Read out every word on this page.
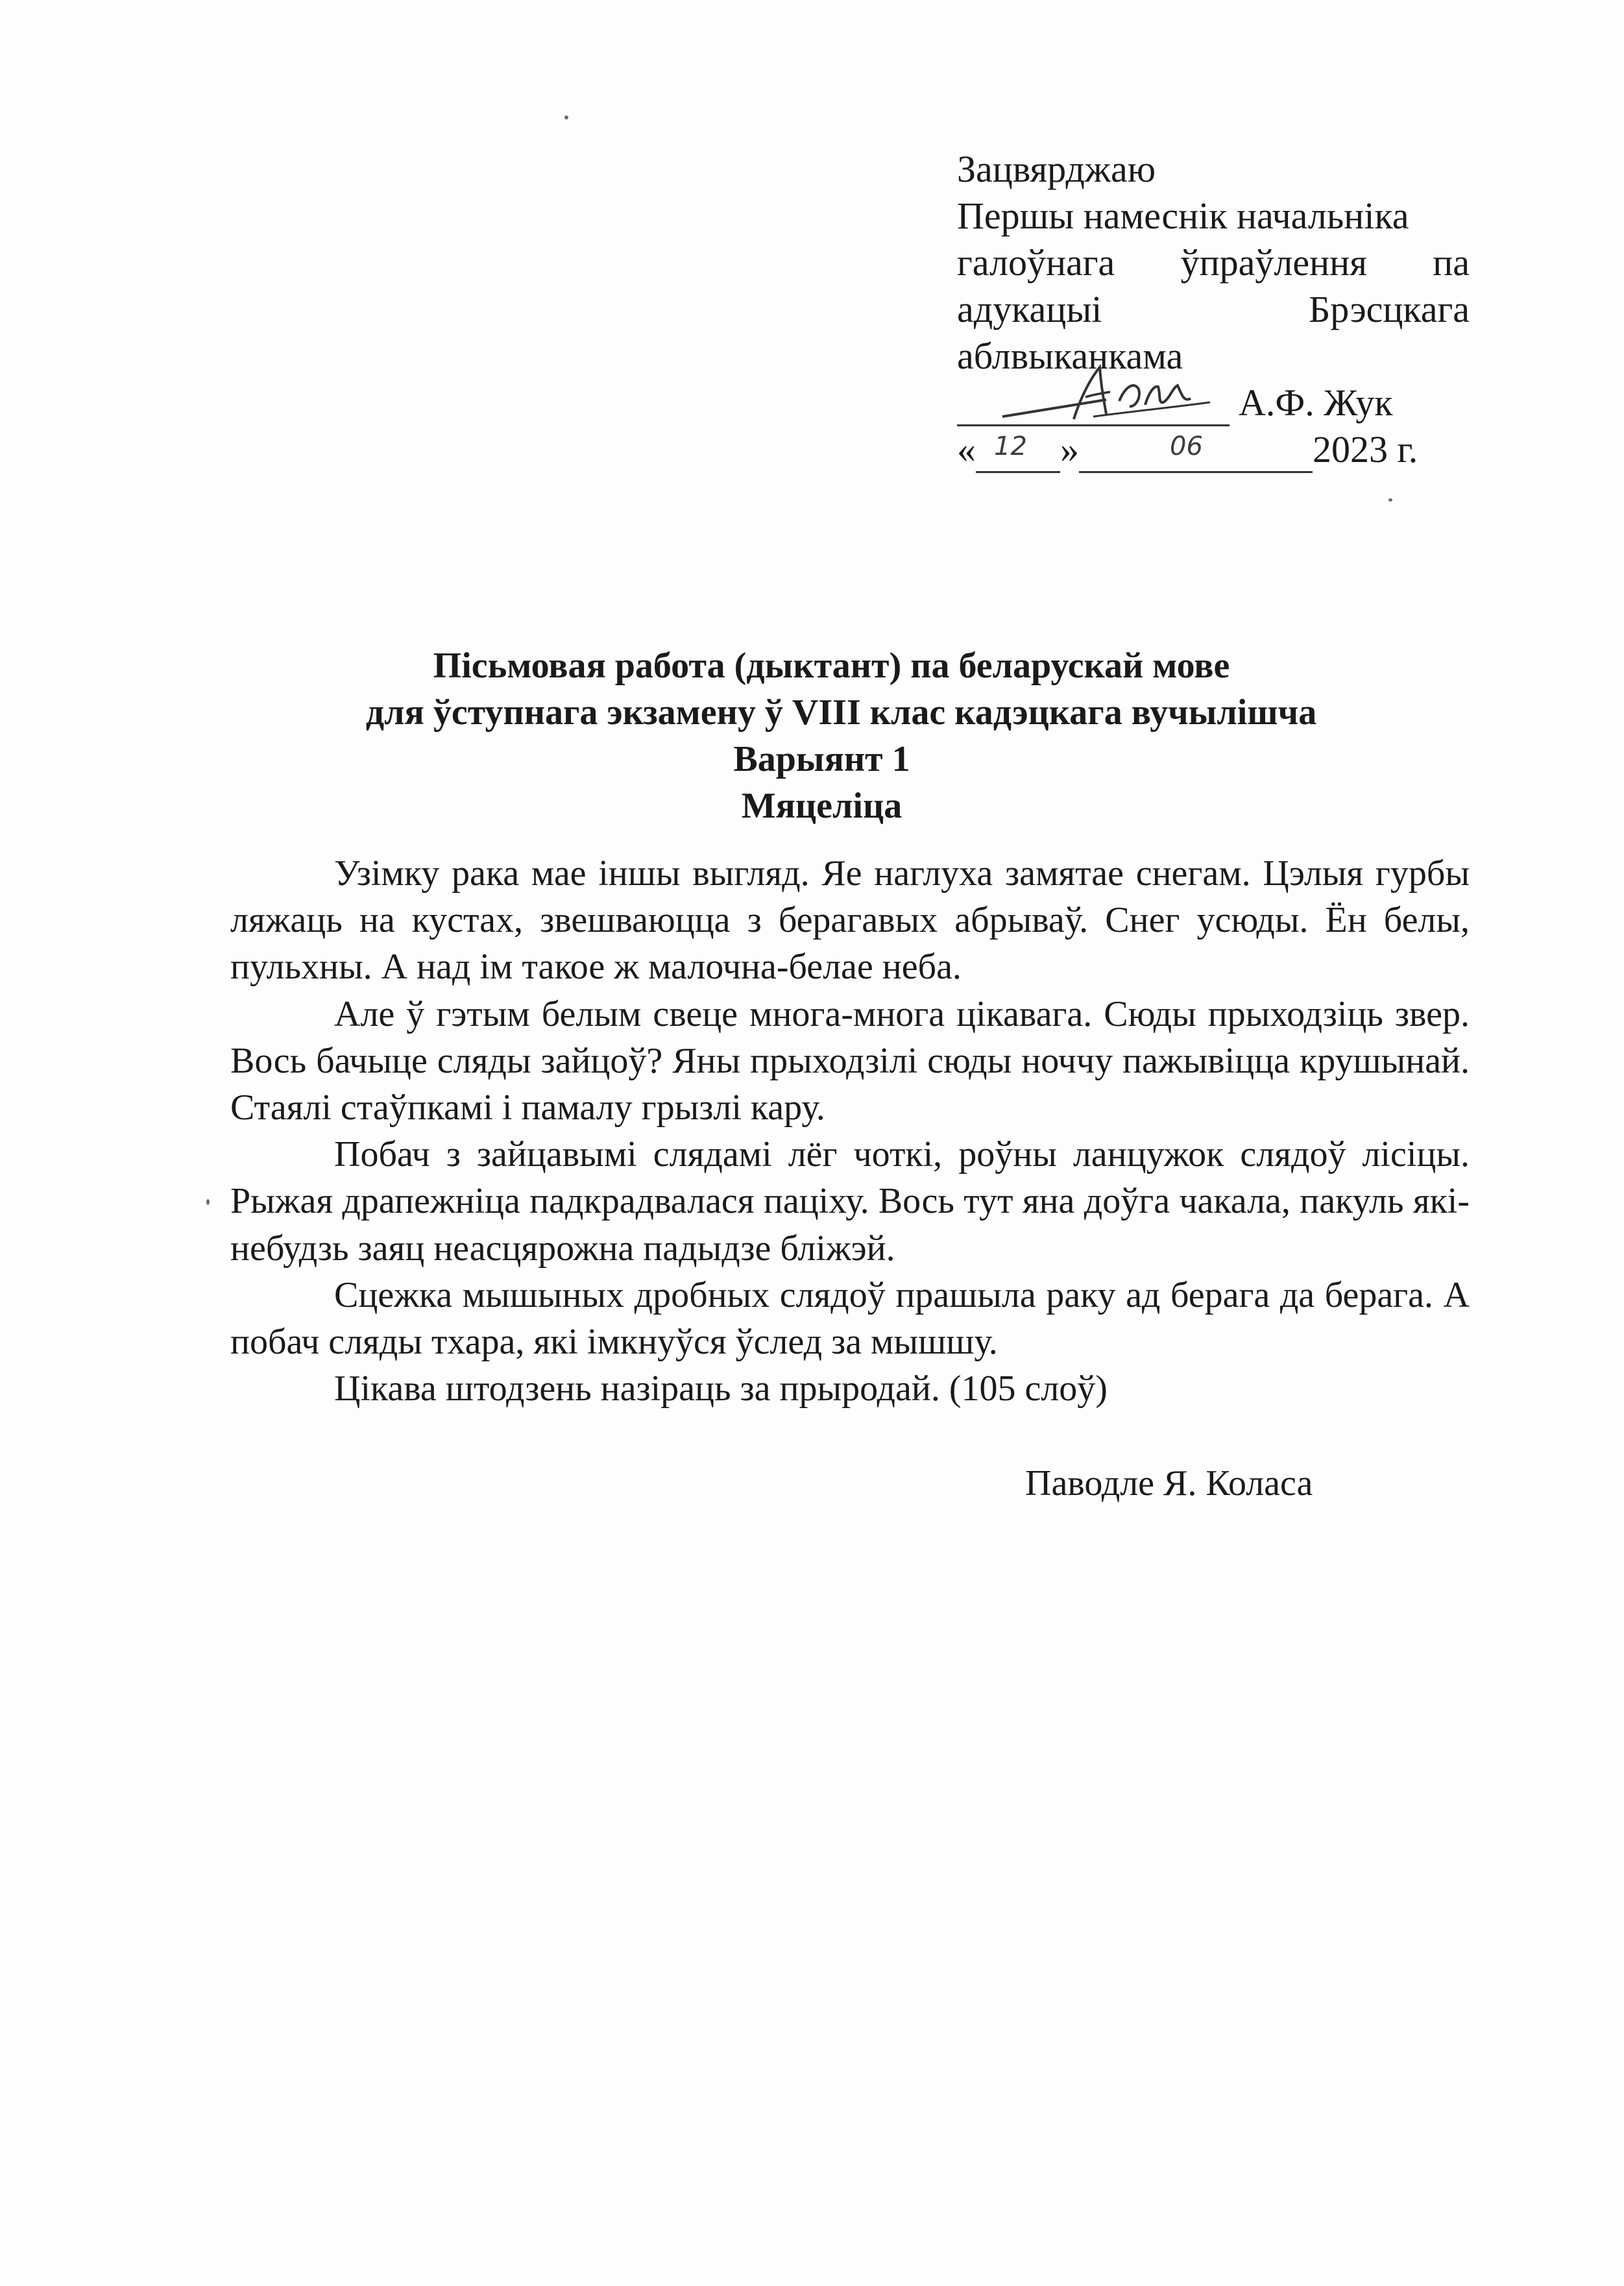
Зацвярджаю
Першы намеснік начальніка
галоўнага ўпраўлення па
адукацыі	Брэсцкага
аблвыканкама
А.Ф. Жук
« 12 »	06	2023 г.
Пісьмовая работа (дыктант) па беларускай мове
для ўступнага экзамену ў VIII клас кадэцкага вучылішча
Варыянт 1
Мяцеліца

Узімку рака мае іншы выгляд. Яе наглуха замятае снегам. Цэлыя гурбы ляжаць на кустах, звешваюцца з берагавых абрываў. Снег усюды. Ён белы, пульхны. А над ім такое ж малочна-белае неба.

Але ў гэтым белым свеце многа-многа цікавага. Сюды прыходзіць звер. Вось бачыце сляды зайцоў? Яны прыходзілі сюды ноччу пажывіцца крушынай. Стаялі стаўпкамі і памалу грызлі кару.

Побач з зайцавымі слядамі лёг чоткі, роўны ланцужок слядоў лісіцы. Рыжая драпежніца падкрадвалася паціху. Вось тут яна доўга чакала, пакуль які-небудзь заяц неасцярожна падыдзе бліжэй.

Сцежка мышыных дробных слядоў прашыла раку ад берага да берага. А побач сляды тхара, які імкнуўся ўслед за мышшу.

Цікава штодзень назіраць за прыродай. (105 слоў)

Паводле Я. Коласа
